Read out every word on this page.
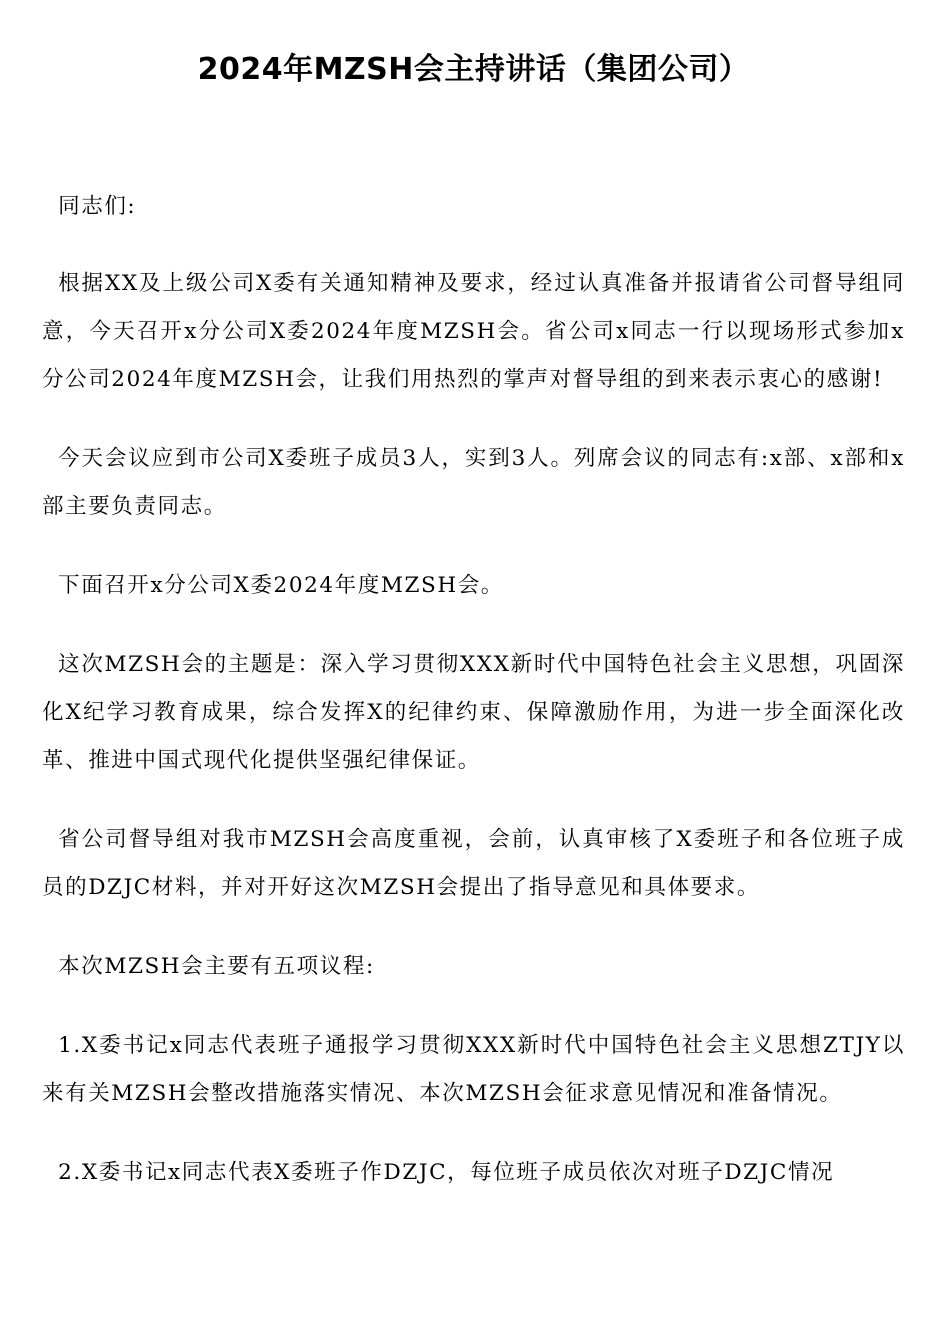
2024年MZSH会主持讲话（集团公司）

同志们:

根据XX及上级公司X委有关通知精神及要求，经过认真准备并报请省公司督导组同意，今天召开x分公司X委2024年度MZSH会。省公司x同志一行以现场形式参加x分公司2024年度MZSH会，让我们用热烈的掌声对督导组的到来表示衷心的感谢!

今天会议应到市公司X委班子成员3人，实到3人。列席会议的同志有:x部、x部和x部主要负责同志。

下面召开x分公司X委2024年度MZSH会。

这次MZSH会的主题是：深入学习贯彻XXX新时代中国特色社会主义思想，巩固深化X纪学习教育成果，综合发挥X的纪律约束、保障激励作用，为进一步全面深化改革、推进中国式现代化提供坚强纪律保证。

省公司督导组对我市MZSH会高度重视，会前，认真审核了X委班子和各位班子成员的DZJC材料，并对开好这次MZSH会提出了指导意见和具体要求。

本次MZSH会主要有五项议程:

1.X委书记x同志代表班子通报学习贯彻XXX新时代中国特色社会主义思想ZTJY以来有关MZSH会整改措施落实情况、本次MZSH会征求意见情况和准备情况。

2.X委书记x同志代表X委班子作DZJC，每位班子成员依次对班子DZJC情况
